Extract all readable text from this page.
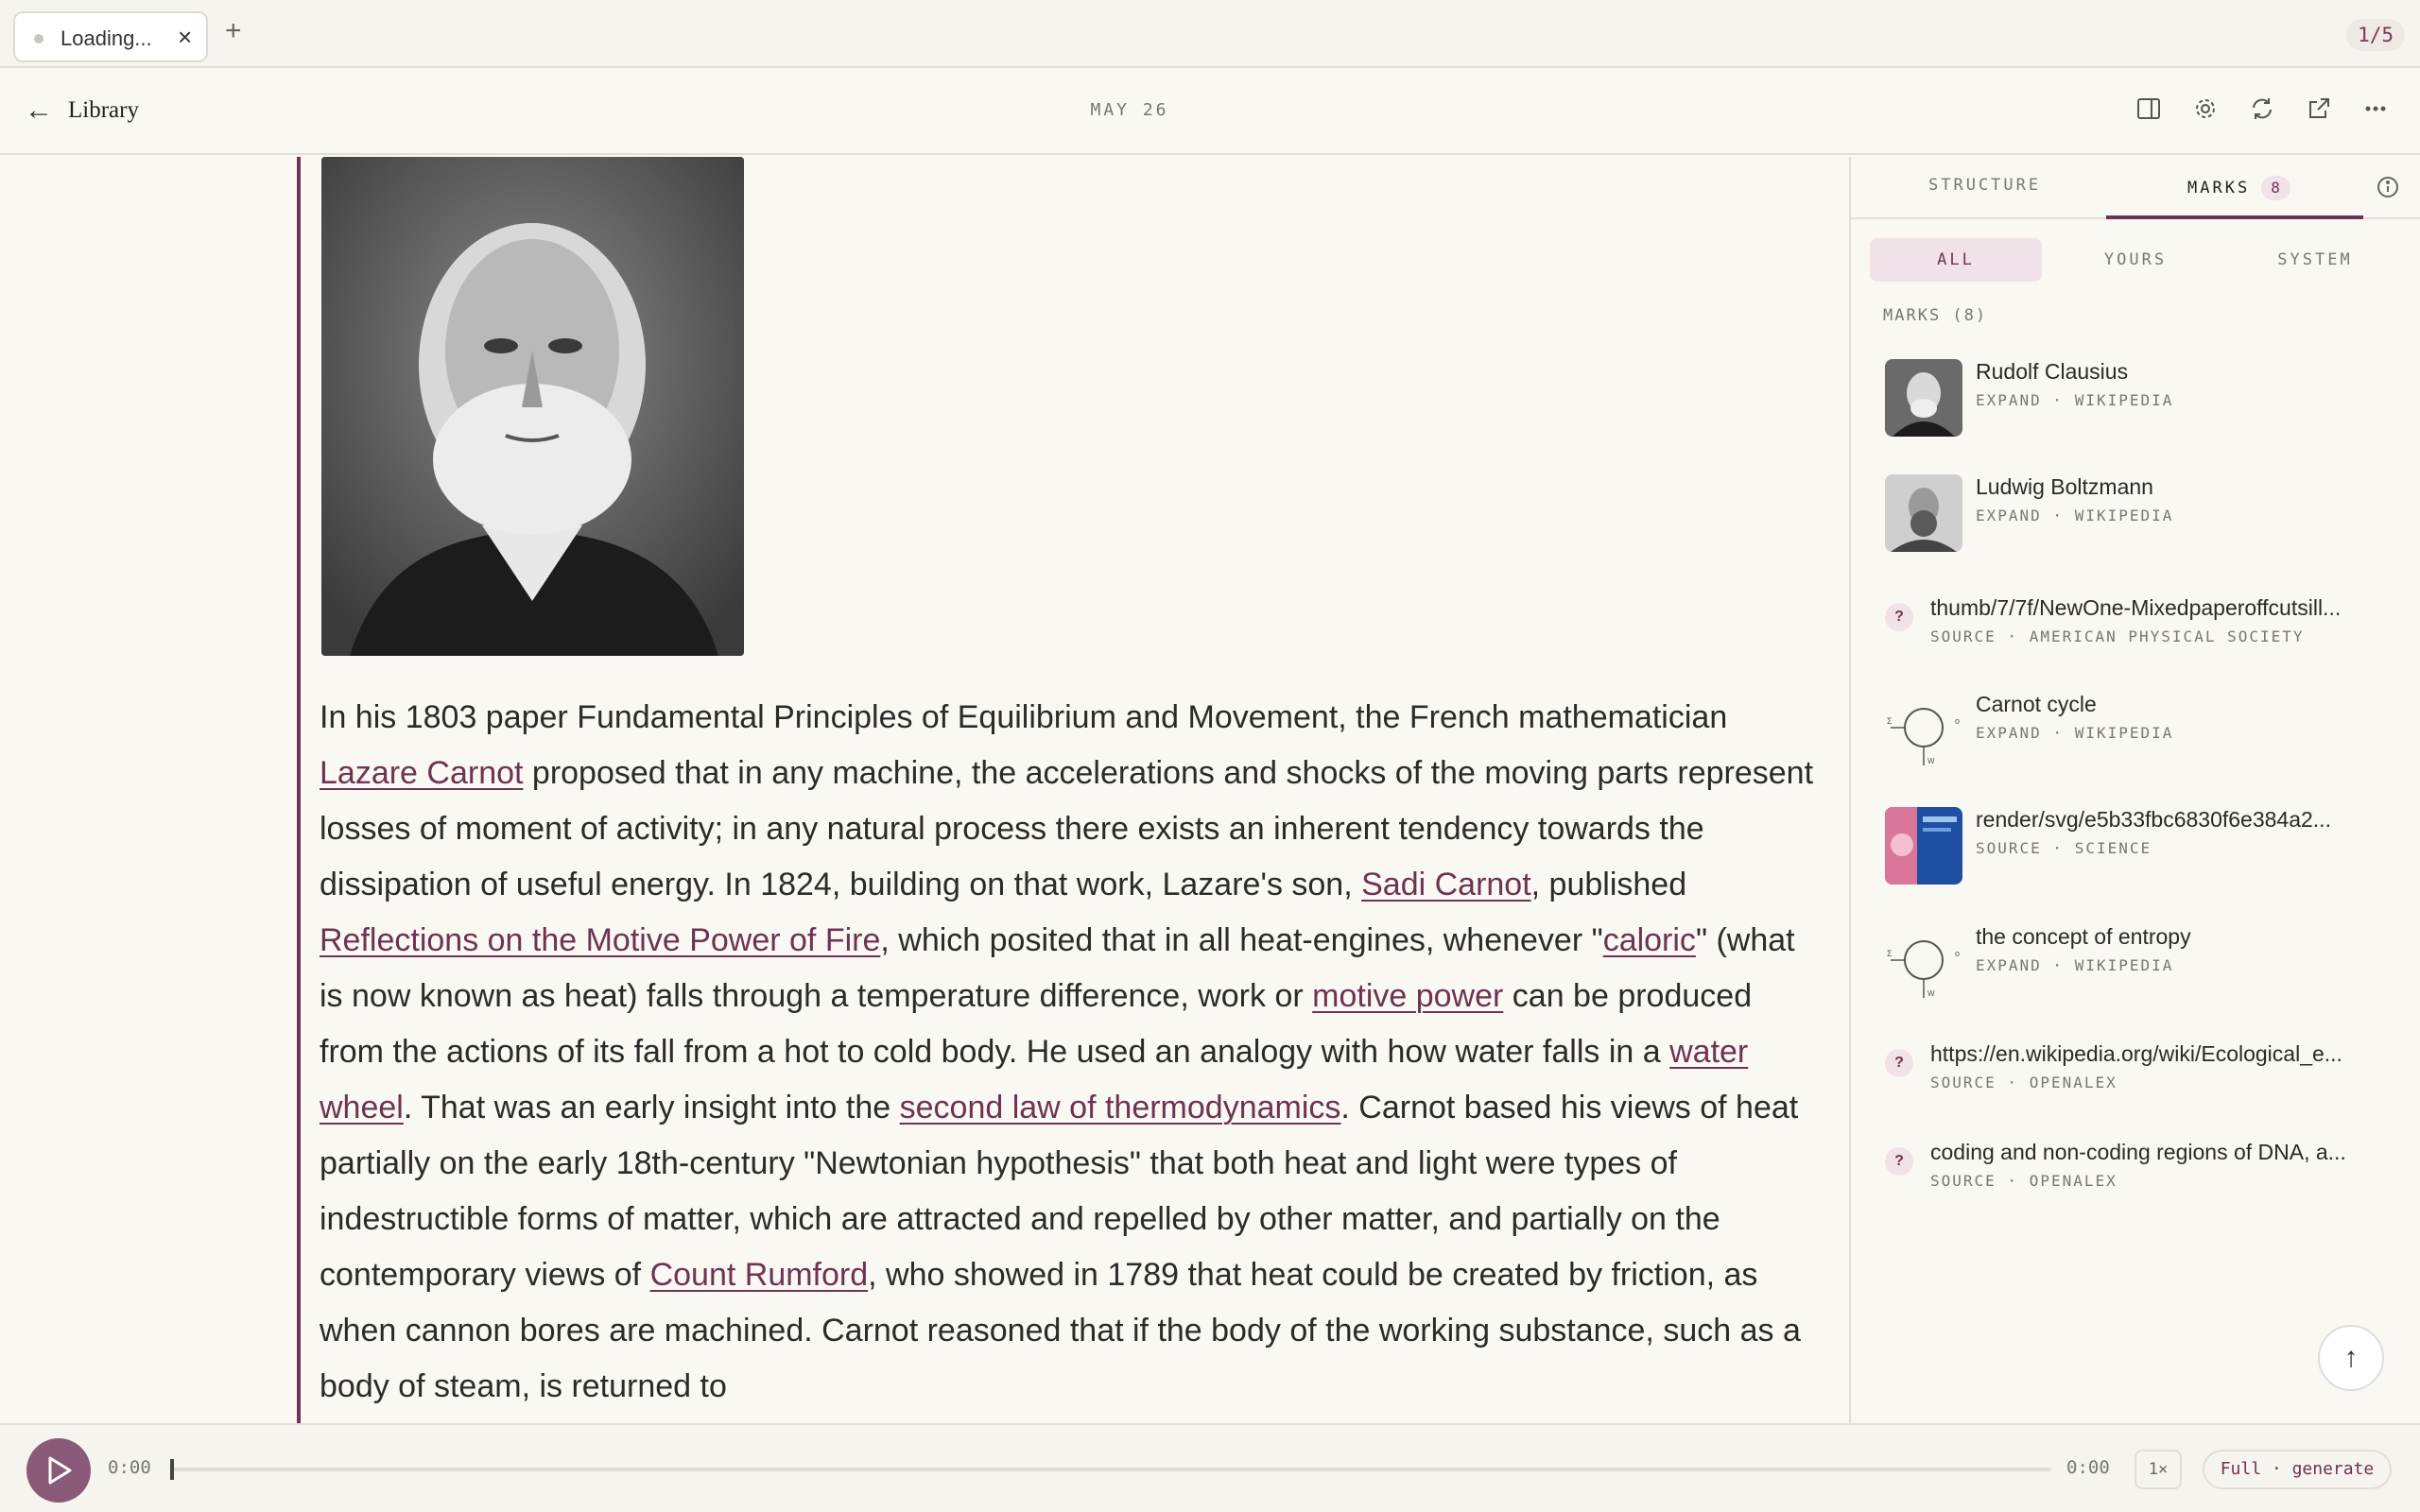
Loading... × +	1/5
← Library	MAY 26

In his 1803 paper Fundamental Principles of Equilibrium and Movement, the French mathematician Lazare Carnot proposed that in any machine, the accelerations and shocks of the moving parts represent losses of moment of activity; in any natural process there exists an inherent tendency towards the dissipation of useful energy. In 1824, building on that work, Lazare's son, Sadi Carnot, published Reflections on the Motive Power of Fire, which posited that in all heat-engines, whenever "caloric" (what is now known as heat) falls through a temperature difference, work or motive power can be produced from the actions of its fall from a hot to cold body. He used an analogy with how water falls in a water wheel. That was an early insight into the second law of thermodynamics. Carnot based his views of heat partially on the early 18th-century "Newtonian hypothesis" that both heat and light were types of indestructible forms of matter, which are attracted and repelled by other matter, and partially on the contemporary views of Count Rumford, who showed in 1789 that heat could be created by friction, as when cannon bores are machined. Carnot reasoned that if the body of the working substance, such as a body of steam, is returned to

STRUCTURE	MARKS 8
ALL	YOURS	SYSTEM
MARKS (8)
Rudolf Clausius
EXPAND · WIKIPEDIA
Ludwig Boltzmann
EXPAND · WIKIPEDIA
?	thumb/7/7f/NewOne-Mixedpaperoffcutsill...
SOURCE · AMERICAN PHYSICAL SOCIETY
Σ	o
W
Carnot cycle
EXPAND · WIKIPEDIA
render/svg/e5b33fbc6830f6e384a2...
SOURCE · SCIENCE
Σ	o
W
the concept of entropy
EXPAND · WIKIPEDIA
?	https://en.wikipedia.org/wiki/Ecological_e...
SOURCE · OPENALEX
?	coding and non-coding regions of DNA, a...
SOURCE · OPENALEX
↑
0:00	0:00	1×	Full · generate
